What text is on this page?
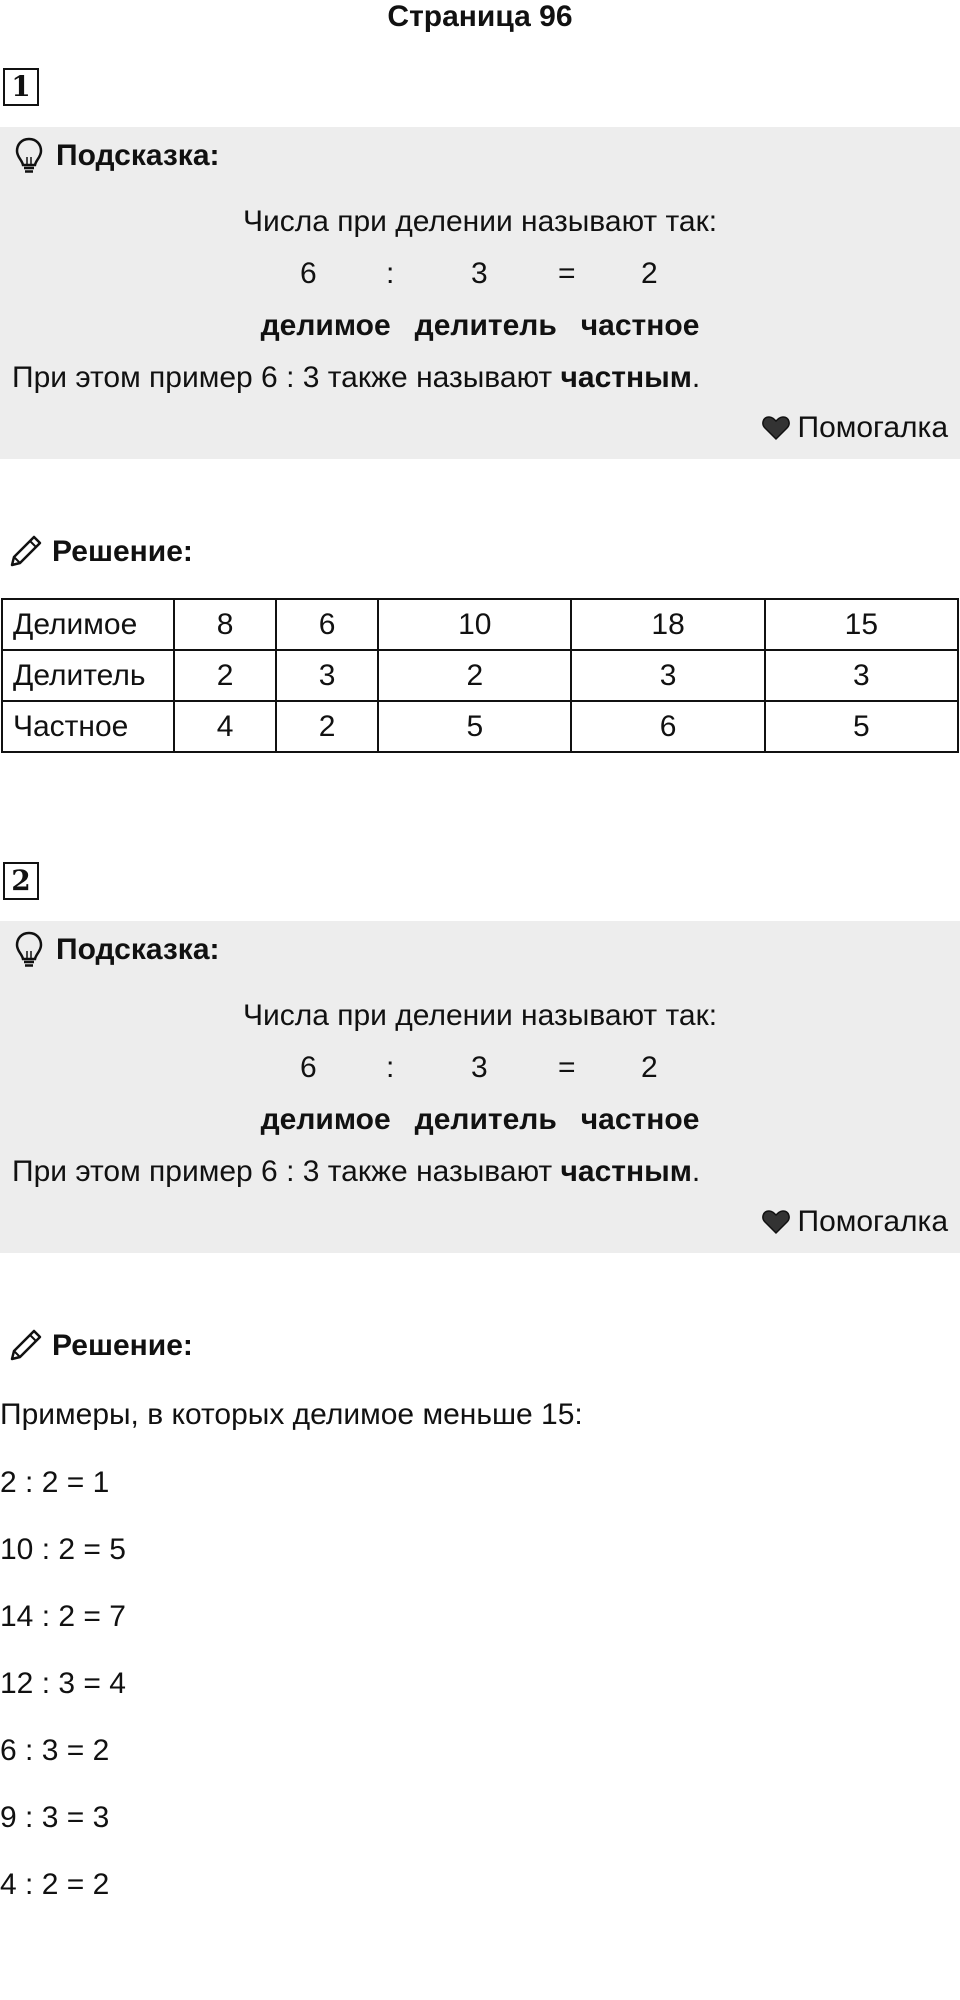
Страница 96
1
Подсказка:
Числа при делении называют так:
6 :	3 = 2
делимое делитель частное
При этом пример 6 : 3 также называют частным.
Помогалка
Решение:
Делимое	8	6	10	18	15
Делитель	2	3	2	3	3
Частное	4	2	5	6	5
2
Подсказка:
Числа при делении называют так:
6 :	3 = 2
делимое делитель частное
При этом пример 6 : 3 также называют частным.
Помогалка
Решение:
Примеры, в которых делимое меньше 15:
2 : 2 = 1
10 : 2 = 5
14 : 2 = 7
12 : 3 = 4
6 : 3 = 2
9 : 3 = 3
4 : 2 = 2
